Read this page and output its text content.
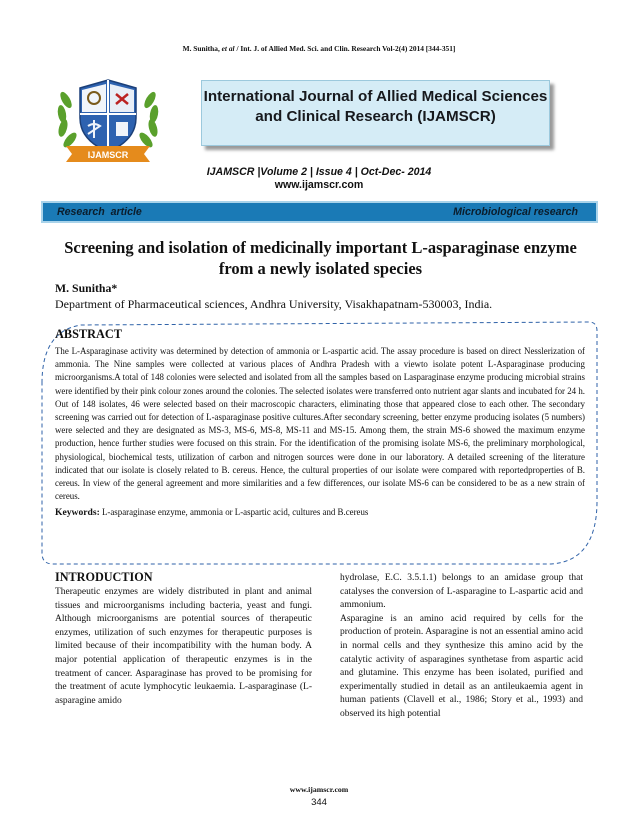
M. Sunitha, et al / Int. J. of Allied Med. Sci. and Clin. Research Vol-2(4) 2014 [344-351]
IJAMSCR
International Journal of Allied Medical Sciences
and Clinical Research (IJAMSCR)
IJAMSCR |Volume 2 | Issue 4 | Oct-Dec- 2014
www.ijamscr.com
Research  article	Microbiological research
Screening and isolation of medicinally important L-asparaginase enzyme
from a newly isolated species
M. Sunitha*
Department of Pharmaceutical sciences, Andhra University, Visakhapatnam-530003, India.
ABSTRACT

The L-Asparaginase activity was determined by detection of ammonia or L-aspartic acid. The assay procedure is based on direct Nesslerization of ammonia. The Nine samples were collected at various places of Andhra Pradesh with a viewto isolate potent L-Asparaginase producing microorganisms.A total of 148 colonies were selected and isolated from all the samples based on Lasparaginase enzyme producing microbial strains were identified by their pink colour zones around the colonies. The selected isolates were transferred onto nutrient agar slants and incubated for 24 h. Out of 148 isolates, 46 were selected based on their macroscopic characters, eliminating those that appeared close to each other. The secondary screening was carried out for detection of L-asparaginase positive cultures.After secondary screening, better enzyme producing isolates (5 numbers) were selected and they are designated as MS-3, MS-6, MS-8, MS-11 and MS-15. Among them, the strain MS-6 showed the maximum enzyme production, hence further studies were focused on this strain. For the identification of the promising isolate MS-6, the preliminary morphological, physiological, biochemical tests, utilization of carbon and nitrogen sources were done in our laboratory. A detailed screening of the literature indicated that our isolate is closely related to B. cereus. Hence, the cultural properties of our isolate were compared with reportedproperties of B. cereus. In view of the general agreement and more similarities and a few differences, our isolate MS-6 can be considered to be as a new strain of cereus.

Keywords: L-asparaginase enzyme, ammonia or L-aspartic acid, cultures and B.cereus
INTRODUCTION

Therapeutic enzymes are widely distributed in plant and animal tissues and microorganisms including bacteria, yeast and fungi. Although microorganisms are potential sources of therapeutic enzymes, utilization of such enzymes for therapeutic purposes is limited because of their incompatibility with the human body. A major potential application of therapeutic enzymes is in the treatment of cancer. Asparaginase has proved to be promising for the treatment of acute lymphocytic leukaemia. L-asparaginase (L-asparagine amido

hydrolase, E.C. 3.5.1.1) belongs to an amidase group that catalyses the conversion of L-asparagine to L-aspartic acid and ammonium.

Asparagine is an amino acid required by cells for the production of protein. Asparagine is not an essential amino acid in normal cells and they synthesize this amino acid by the catalytic activity of asparagines synthetase from aspartic acid and glutamine. This enzyme has been isolated, purified and experimentally studied in detail as an antileukaemia agent in human patients (Clavell et al., 1986; Story et al., 1993) and observed its high potential

www.ijamscr.com
344
